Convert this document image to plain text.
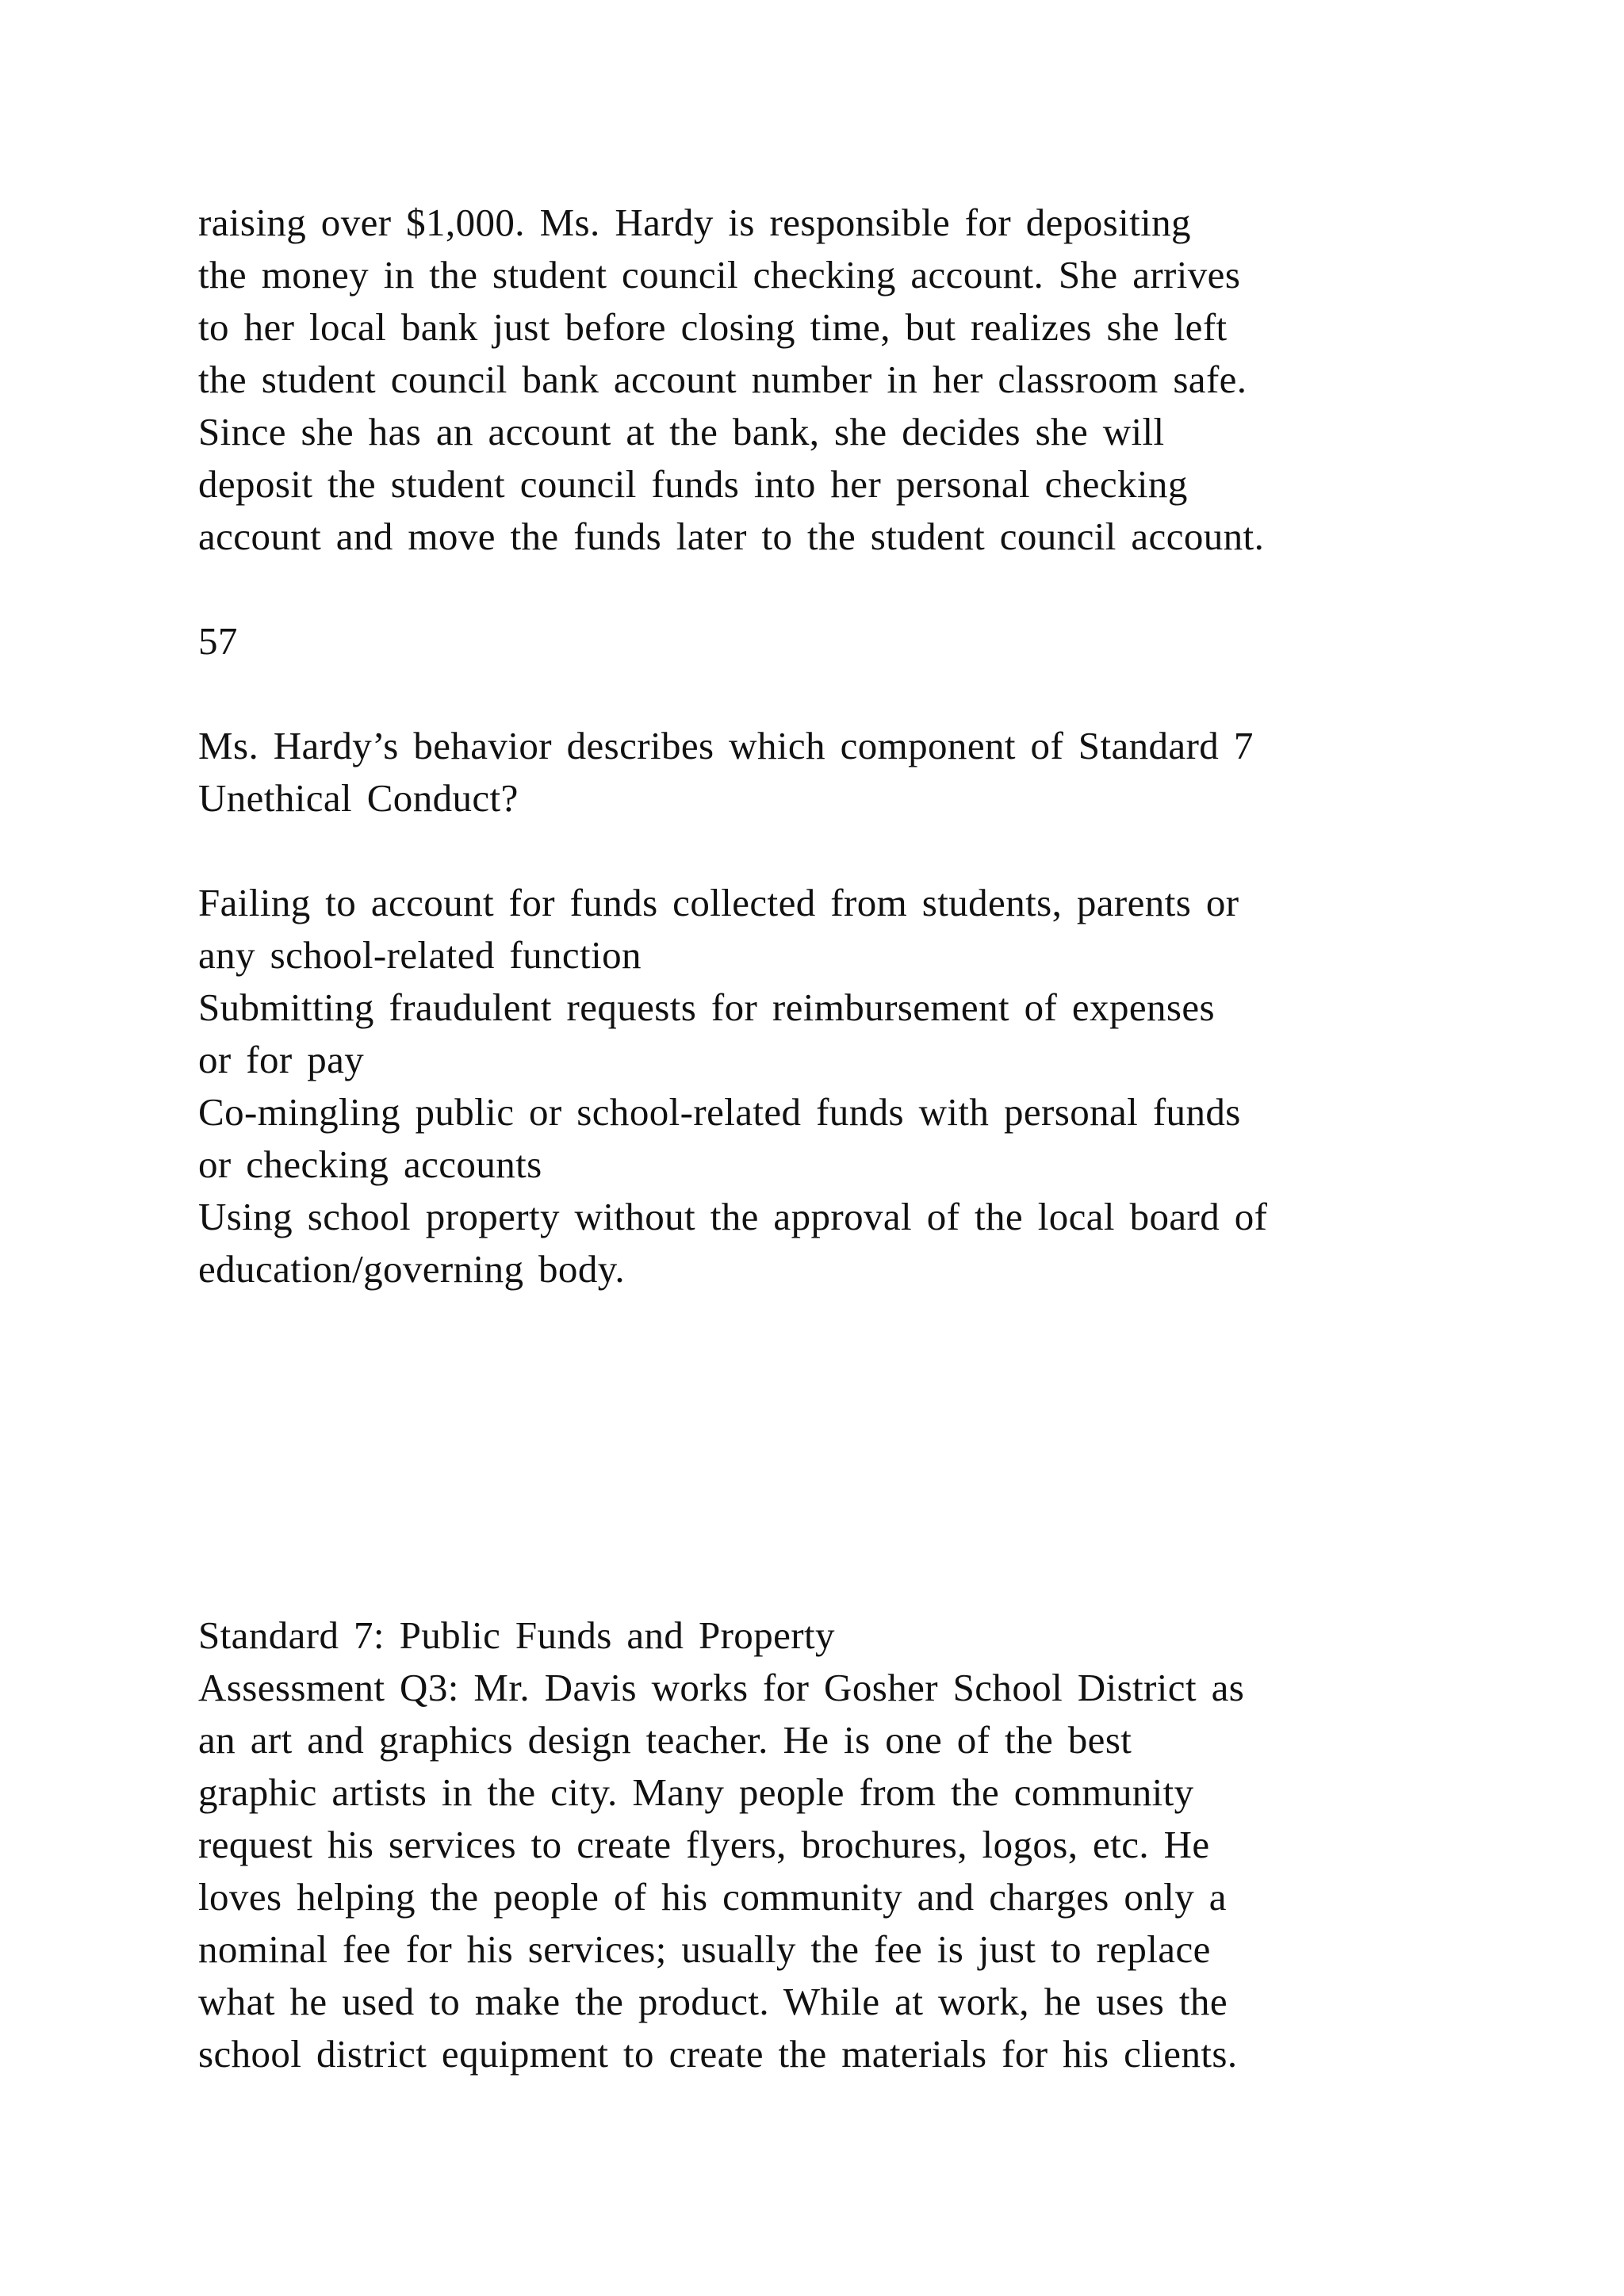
raising over $1,000. Ms. Hardy is responsible for depositing
the money in the student council checking account. She arrives
to her local bank just before closing time, but realizes she left
the student council bank account number in her classroom safe.
Since she has an account at the bank, she decides she will
deposit the student council funds into her personal checking
account and move the funds later to the student council account.
57
Ms. Hardy’s behavior describes which component of Standard 7
Unethical Conduct?
Failing to account for funds collected from students, parents or
any school-related function
Submitting fraudulent requests for reimbursement of expenses
or for pay
Co-mingling public or school-related funds with personal funds
or checking accounts
Using school property without the approval of the local board of
education/governing body.
Standard 7: Public Funds and Property
Assessment Q3: Mr. Davis works for Gosher School District as
an art and graphics design teacher. He is one of the best
graphic artists in the city. Many people from the community
request his services to create flyers, brochures, logos, etc. He
loves helping the people of his community and charges only a
nominal fee for his services; usually the fee is just to replace
what he used to make the product. While at work, he uses the
school district equipment to create the materials for his clients.
